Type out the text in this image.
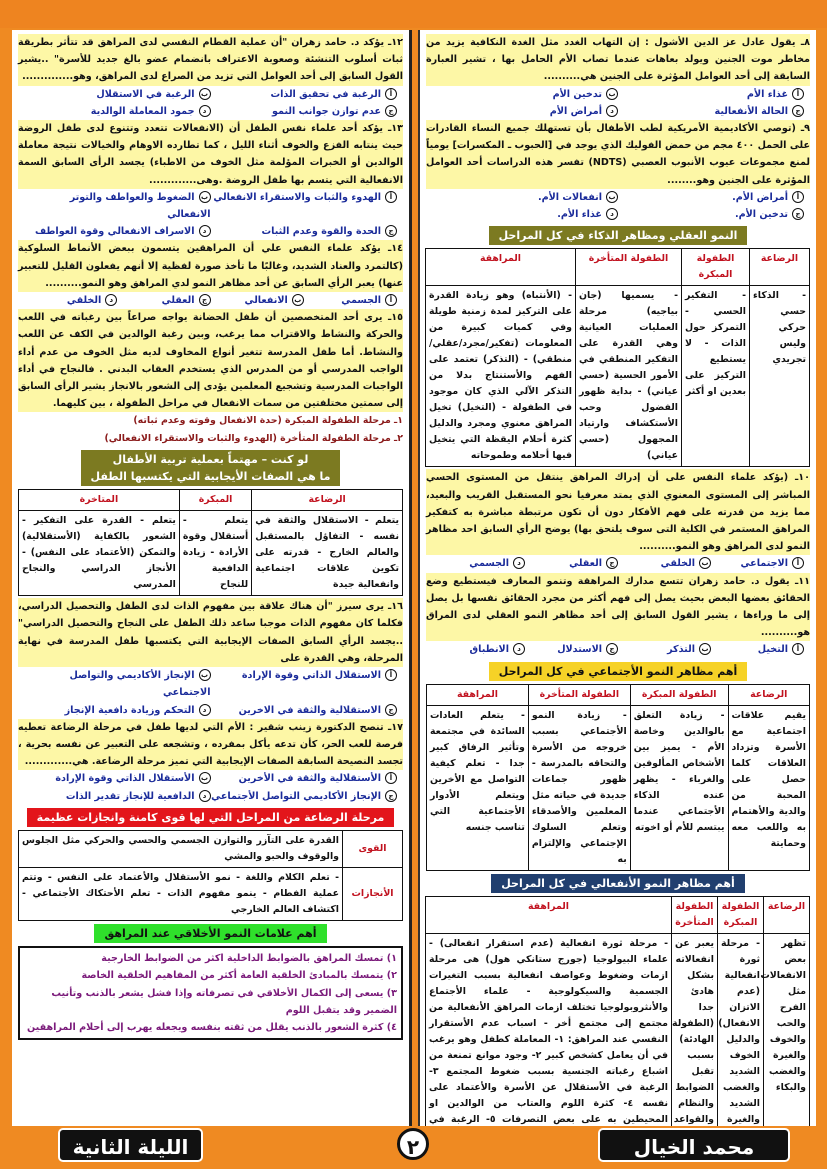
٨ـ يقول عادل عز الدين الأشول : إن التهاب الغدد مثل الغدة النكافية يزيد من مخاطر موت الجنين ويولد بعاهات عندما تصاب الأم الحامل بها ، تشير العبارة السابقة إلى أحد العوامل المؤثرة على الجنين هي..........
أغذاء الأم
بتدخين الأم
جالحالة الأنفعالية
دأمراض الأم
٩ـ (توصي الأكاديمية الأمريكية لطب الأطفال بأن تستهلك جميع النساء القادرات على الحمل ٤٠٠ مجم من حمض الفوليك الذي يوجد في [الحبوب ـ المكسرات] يومياً لمنع مجموعات عيوب الأنبوب العصبي (NDTS) تفسر هذه الدراسات أحد العوامل المؤثرة على الجنين وهو........
أأمراض الأم.
بانفعالات الأم.
جتدخين الأم.
دغذاء الأم.
النمو العقلي ومظاهر الذكاء في كل المراحل
الرضاعة	الطفولة المبكرة	الطفولة المتأخرة	المراهقة
- الذكاء حسي حركي وليس تجريدي	- التفكير الحسي - التمركز حول الذات - لا يستطيع التركيز على بعدين او أكثر	- يسميها (جان بياجيه) مرحلة العمليات العيانية وهي القدرة على التفكير المنطقي في الأمور الحسية (حسي عياني) - بداية ظهور الفضول وحب الأستكشاف وارتياد المجهول (حسي عياني)	- (الأنتباه) وهو زيادة القدرة على التركيز لمدة زمنية طويلة وفي كميات كبيرة من المعلومات (تفكير/مجرد/عقلي/منطقي) - (التذكر) تعتمد على الفهم والأستنتاج بدلا من التذكر الآلي الذي كان موجود في الطفولة - (التخيل) تخيل المراهق معنوي ومجرد والدليل كثرة أحلام اليقظة التي يتخيل فيها أحلامه وطموحاته
١٠ـ (يؤكد علماء النفس على أن إدراك المراهق ينتقل من المستوى الحسي المباشر إلى المستوى المعنوي الذي يمتد معرفيا نحو المستقبل القريب والبعيد، مما يزيد من قدرته على فهم الأفكار دون أن تكون مرتبطة مباشرة به كتفكير المراهق المستمر في الكلية التى سوف يلتحق بها) يوضح الرأي السابق احد مظاهر النمو لدى المراهق وهو النمو..........
أالاجتماعي
بالخلقي
جالعقلي
دالجسمي
١١ـ يقول د. حامد زهران تتسع مدارك المراهقة وتنمو المعارف فيستطيع وضع الحقائق بعضها البعض بحيث يصل إلى فهم أكثر من مجرد الحقائق نفسها بل يصل إلى ما وراءها ، يشير القول السابق إلى أحد مظاهر النمو العقلي لدى المراق هو..........
أالتخيل
بالتذكر
جالاستدلال
دالانطباق
أهم مظاهر النمو الأجتماعي في كل المراحل
الرضاعة	الطفولة المبكرة	الطفولة المتأخرة	المراهقة
يقيم علاقات اجتماعية مع الأسرة وتزداد العلاقات كلما حصل على المحبة من والدية والأهتمام به واللعب معه وحمايتة	- زيادة التعلق بالوالدين وخاصة الأم - يميز بين الأشخاص المألوفين والغرباء - يظهر عنده الذكاء الأجتماعي عندما يبتسم للأم أو اخوته	- زيادة النمو الأجتماعي بسبب خروجه من الأسرة والتحاقه بالمدرسة - ظهور جماعات جديدة في حياته مثل المعلمين والأصدقاء وتعلم السلوك الإجتماعي والإلتزام به	- يتعلم العادات السائدة في مجتمعة وتأثير الرفاق كبير جدا - تعلم كيفية التواصل مع الأخرين ويتعلم الأدوار الأجتماعية التي تناسب جنسه
أهم مظاهر النمو الأنفعالي في كل المراحل
الرضاعة	الطفولة المبكرة	الطفولة المتأخرة	المراهقة
تظهر بعض الانفعالات مثل الفرح والحب والخوف والغيرة والغضب والبكاء	- مرحلة ثورة انفعالية (عدم الاتزان الانفعال) والدليل الخوف الشديد والغضب الشديد والغيرة	يعبر عن انفعالاته بشكل هادئ جدا (الطفولة الهادئة) بسبب تقبل الضوابط والنظام والقواعد	- مرحلة ثورة انفعالية (عدم استقرار انفعالى) - علماء البيولوجيا (جورج ستانكي هول) هى مرحلة ازمات وضغوط وعواصف انفعالية بسبب التغيرات الجسمية والسيكولوجية - علماء الأجتماع والأنثروبولوجيا تختلف ازمات المراهق الأنفعالية من مجتمع إلى مجتمع أخر - اسباب عدم الأستقرار النفسي عند المراهق: ١- المعاملة كطفل وهو يرغب في أن يعامل كشخص كبير ٢- وجود موانع تمنعة من اشباع رغباته الجنسية بسبب ضغوط المجتمع ٣- الرغبة في الأستقلال عن الأسرة والأعتماد على نفسه ٤- كثرة اللوم والعتاب من الوالدين او المحيطين به على بعض التصرفات ٥- الرغبة في
١٢ـ يؤكد د. حامد زهران "أن عملية الفطام النفسي لدى المراهق قد تتأثر بطريقة ثبات أسلوب التنشئة وصعوبة الاعتراف بانضمام عضو بالغ جديد للأسرة" ..يشير القول السابق إلى أحد العوامل التي تزيد من الصراع لدى المراهق، وهو..............
أالرغبة في تحقيق الذات
بالرغبة في الاستقلال
جعدم توازن جوانب النمو
دجمود المعاملة الوالدية
١٣ـ يؤكد أحد علماء نفس الطفل أن (الانفعالات تتعدد وتتنوع لدى طفل الروضة حيث ينتابه الفزع والخوف أثناء الليل ، كما تطارده الاوهام والخيالات نتيجة معاملة الوالدين أو الخبرات المؤلمة مثل الخوف من الاطباء) يجسد الرأى السابق السمة الانفعالية التي يتسم بها طفل الروضة .وهى.............
أالهدوء والثبات والاستقراء الانفعالي
بالضغوط والعواطف والتوتر الانفعالي
جالحدة والقوة وعدم الثبات
دالاسراف الانفعالي وقوة العواطف
١٤ـ يؤكد علماء النفس علي أن المراهقين يتسمون ببعض الأنماط السلوكية (كالتمرد والعناد الشديد، وغالبًا ما تأخذ صورة لفظية إلا أنهم يفعلون القليل للتعبير عنها) يعبر الرأي السابق عن أحد مظاهر النمو لدي المراهق وهو النمو..........
أالجسمي
بالانفعالي
جالعقلي
دالخلقي
١٥ـ يرى أحد المتخصصين أن طفل الحضانة يواجه صراعاً بين رغباته في اللعب والحركة والنشاط والاقتراب مما يرغب، وبين رغبة الوالدين في الكف عن اللعب والنشاط. أما طفل المدرسة تتغير أنواع المخاوف لديه مثل الخوف من عدم أداء الواجب المدرسي أو من المدرس الذي يستخدم العقاب البدني . فالنجاح في أداء الواجبات المدرسية وتشجيع المعلمين يؤدى إلى الشعور بالانجاز يشير الرأى السابق إلى سمتين مختلفتين من سمات الانفعال في مراحل الطفولة ، بين كليهما.
١ـ مرحلة الطفولة المبكرة (حدة الانفعال وقوته وعدم ثباته)
٢ـ مرحلة الطفولة المتأخرة (الهدوء والثبات والاستقراء الانفعالي)
لو كنت – مهتماً بعملية تربية الأطفال
ما هي الصفات الأيجابية التي يكتسبها الطفل
الرضاعة	المبكرة	المتاخرة
يتعلم - الاستقلال والثقة في نفسه - التفاؤل بالمستقبل والعالم الخارج - قدرته على تكوين علاقات اجتماعية وانفعالية جيدة	يتعلم - أستقلال وقوة الأرادة - زيادة الدافعية للنجاح	يتعلم - القدرة على التفكير - الشعور بالكفاية (الأستقلالية) والتمكن (الأعتماد على النفس) - الأنجاز الدراسي والنجاح المدرسي
١٦ـ يرى سيرز "أن هناك علاقة بين مفهوم الذات لدى الطفل والتحصيل الدراسي، فكلما كان مفهوم الذات موجبا ساعد ذلك الطفل على النجاح والتحصيل الدراسي" ..يجسد الرأي السابق الصفات الإيجابية التي يكتسبها طفل المدرسة في نهاية المرحلة، وهي القدرة على
أالاستقلال الذاتي وقوة الإرادة
بالإنجاز الأكاديمي والتواصل الاجتماعي
جالاستقلالية والثقة في الاخرين
دالتحكم وزيادة دافعية الإنجاز
١٧ـ تنصح الدكتورة زينب شقير : الأم التي لديها طفل في مرحلة الرضاعة تعطيه فرصة للعب الحر، كأن تدعه يأكل بمفرده ، وتشجعه على التعبير عن نفسه بحرية ، تجسد النصيحة السابقة الصفات الإيجابية التي تميز مرحلة الرضاعة. هي.............
أالأستقلالية والثقة في الأخرين
بالأستقلال الذاتي وقوة الإرادة
جالإنجاز الأكاديمي التواصل الأجتماعي
دالدافعية للإنجاز تقدير الذات
مرحلة الرضاعة من المراحل التي لها قوى كامنة وانجازات عظيمة
القوى	القدرة على التآزر والتوازن الجسمي والحسي والحركي مثل الجلوس والوقوف والحبو والمشي
الأنجازات	- تعلم الكلام واللغة - نمو الأستقلال والأعتماد على النفس - وتتم عملية الفطام - ينمو مفهوم الذات - تعلم الأحتكاك الأجتماعي - اكتشاف العالم الخارجي
أهم علامات النمو الأخلاقي عند المراهق
١) تمسك المراهق بالضوابط الداخلية اكثر من الضوابط الخارجية
٢) يتمسك بالمبادئ الخلقية العامة أكثر من المفاهيم الخلقية الخاصة
٣) يسعى إلى الكمال الأخلاقي في تصرفاته وإذا فشل يشعر بالذنب وتأنيب الضمير وقد يتقبل اللوم
٤) كثرة الشعور بالذنب يقلل من ثقته بنفسه ويجعله يهرب إلى أحلام المراهقين
الليلة الثانية	٢	محمد الخيال
